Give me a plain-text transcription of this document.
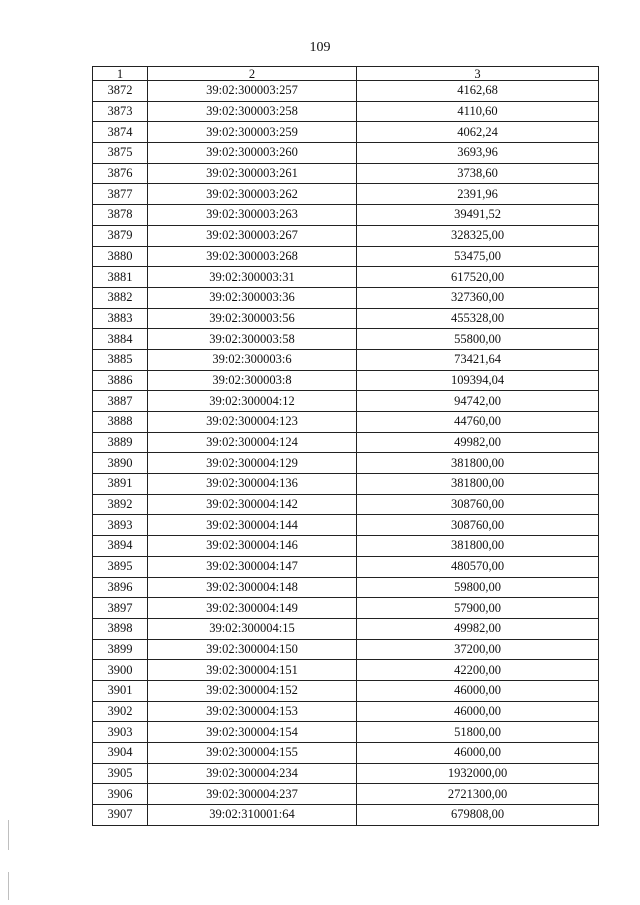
109
1	2	3
3872	39:02:300003:257	4162,68
3873	39:02:300003:258	4110,60
3874	39:02:300003:259	4062,24
3875	39:02:300003:260	3693,96
3876	39:02:300003:261	3738,60
3877	39:02:300003:262	2391,96
3878	39:02:300003:263	39491,52
3879	39:02:300003:267	328325,00
3880	39:02:300003:268	53475,00
3881	39:02:300003:31	617520,00
3882	39:02:300003:36	327360,00
3883	39:02:300003:56	455328,00
3884	39:02:300003:58	55800,00
3885	39:02:300003:6	73421,64
3886	39:02:300003:8	109394,04
3887	39:02:300004:12	94742,00
3888	39:02:300004:123	44760,00
3889	39:02:300004:124	49982,00
3890	39:02:300004:129	381800,00
3891	39:02:300004:136	381800,00
3892	39:02:300004:142	308760,00
3893	39:02:300004:144	308760,00
3894	39:02:300004:146	381800,00
3895	39:02:300004:147	480570,00
3896	39:02:300004:148	59800,00
3897	39:02:300004:149	57900,00
3898	39:02:300004:15	49982,00
3899	39:02:300004:150	37200,00
3900	39:02:300004:151	42200,00
3901	39:02:300004:152	46000,00
3902	39:02:300004:153	46000,00
3903	39:02:300004:154	51800,00
3904	39:02:300004:155	46000,00
3905	39:02:300004:234	1932000,00
3906	39:02:300004:237	2721300,00
3907	39:02:310001:64	679808,00
